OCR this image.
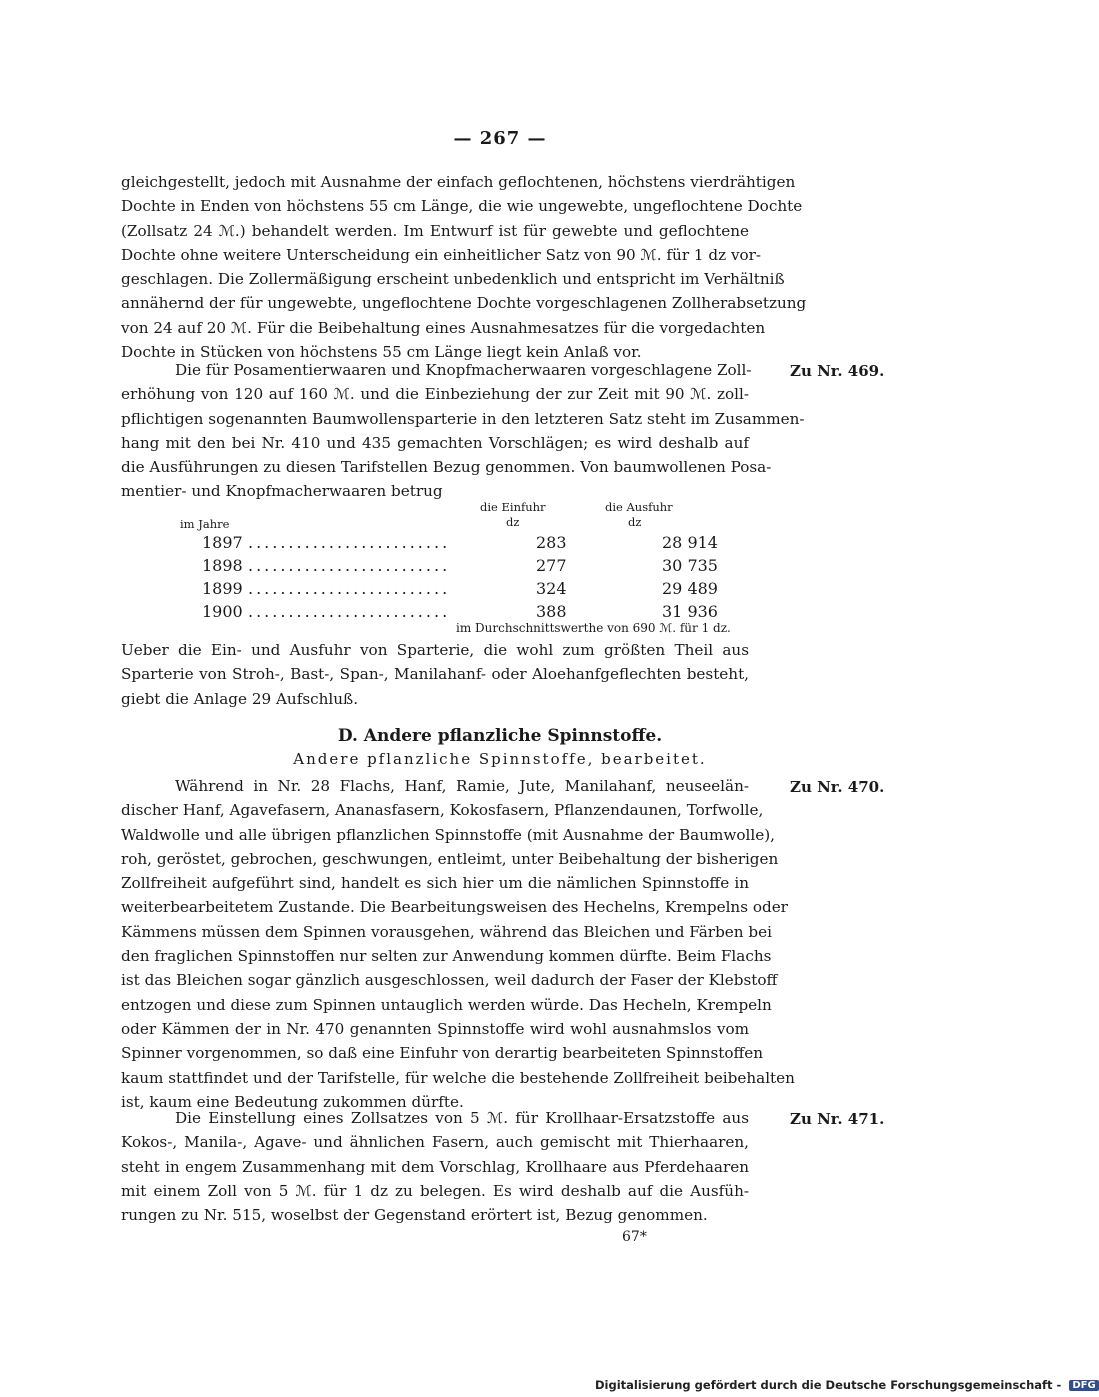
— 267 —
gleichgestellt, jedoch mit Ausnahme der einfach geflochtenen, höchstens vierdrähtigen
Dochte in Enden von höchstens 55 cm Länge, die wie ungewebte, ungeflochtene Dochte
(Zollsatz 24 ℳ.) behandelt werden. Im Entwurf ist für gewebte und geflochtene
Dochte ohne weitere Unterscheidung ein einheitlicher Satz von 90 ℳ. für 1 dz vor-
geschlagen. Die Zollermäßigung erscheint unbedenklich und entspricht im Verhältniß
annähernd der für ungewebte, ungeflochtene Dochte vorgeschlagenen Zollherabsetzung
von 24 auf 20 ℳ. Für die Beibehaltung eines Ausnahmesatzes für die vorgedachten
Dochte in Stücken von höchstens 55 cm Länge liegt kein Anlaß vor.
Zu Nr. 469.
Die für Posamentierwaaren und Knopfmacherwaaren vorgeschlagene Zoll-
erhöhung von 120 auf 160 ℳ. und die Einbeziehung der zur Zeit mit 90 ℳ. zoll-
pflichtigen sogenannten Baumwollensparterie in den letzteren Satz steht im Zusammen-
hang mit den bei Nr. 410 und 435 gemachten Vorschlägen; es wird deshalb auf
die Ausführungen zu diesen Tarifstellen Bezug genommen. Von baumwollenen Posa-
mentier- und Knopfmacherwaaren betrug
die Einfuhr	die Ausfuhr
dz	dz
im Jahre
1897 .........................	283	28 914
1898 .........................	277	30 735
1899 .........................	324	29 489
1900 .........................	388	31 936
im Durchschnittswerthe von 690 ℳ. für 1 dz.
Ueber die Ein- und Ausfuhr von Sparterie, die wohl zum größten Theil aus
Sparterie von Stroh-, Bast-, Span-, Manilahanf- oder Aloehanfgeflechten besteht,
giebt die Anlage 29 Aufschluß.
D. Andere pflanzliche Spinnstoffe.
Andere pflanzliche Spinnstoffe, bearbeitet.
Zu Nr. 470.
Während in Nr. 28 Flachs, Hanf, Ramie, Jute, Manilahanf, neuseelän-
discher Hanf, Agavefasern, Ananasfasern, Kokosfasern, Pflanzendaunen, Torfwolle,
Waldwolle und alle übrigen pflanzlichen Spinnstoffe (mit Ausnahme der Baumwolle),
roh, geröstet, gebrochen, geschwungen, entleimt, unter Beibehaltung der bisherigen
Zollfreiheit aufgeführt sind, handelt es sich hier um die nämlichen Spinnstoffe in
weiterbearbeitetem Zustande. Die Bearbeitungsweisen des Hechelns, Krempelns oder
Kämmens müssen dem Spinnen vorausgehen, während das Bleichen und Färben bei
den fraglichen Spinnstoffen nur selten zur Anwendung kommen dürfte. Beim Flachs
ist das Bleichen sogar gänzlich ausgeschlossen, weil dadurch der Faser der Klebstoff
entzogen und diese zum Spinnen untauglich werden würde. Das Hecheln, Krempeln
oder Kämmen der in Nr. 470 genannten Spinnstoffe wird wohl ausnahmslos vom
Spinner vorgenommen, so daß eine Einfuhr von derartig bearbeiteten Spinnstoffen
kaum stattfindet und der Tarifstelle, für welche die bestehende Zollfreiheit beibehalten
ist, kaum eine Bedeutung zukommen dürfte.
Zu Nr. 471.
Die Einstellung eines Zollsatzes von 5 ℳ. für Krollhaar-Ersatzstoffe aus
Kokos-, Manila-, Agave- und ähnlichen Fasern, auch gemischt mit Thierhaaren,
steht in engem Zusammenhang mit dem Vorschlag, Krollhaare aus Pferdehaaren
mit einem Zoll von 5 ℳ. für 1 dz zu belegen. Es wird deshalb auf die Ausfüh-
rungen zu Nr. 515, woselbst der Gegenstand erörtert ist, Bezug genommen.
67*
Digitalisierung gefördert durch die Deutsche Forschungsgemeinschaft - DFG
